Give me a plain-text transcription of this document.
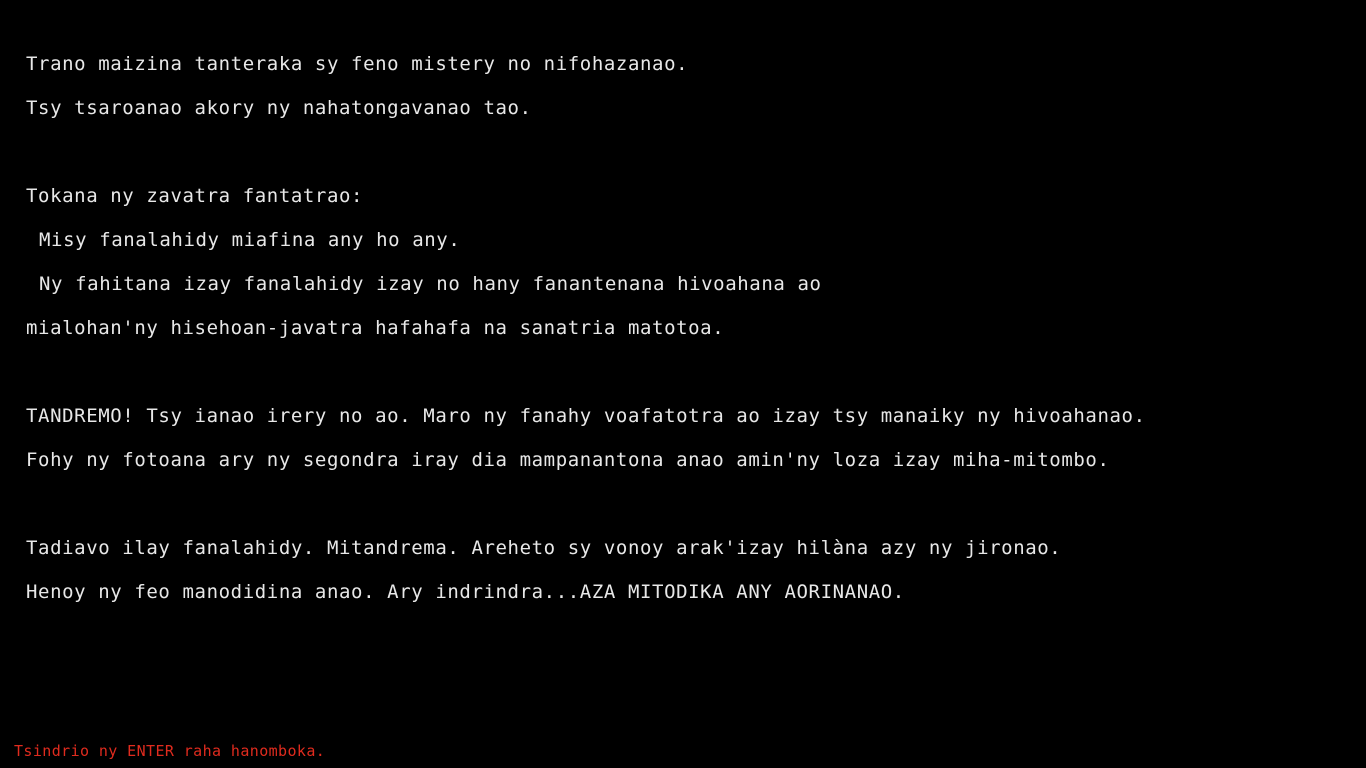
Trano maizina tanteraka sy feno mistery no nifohazanao.
Tsy tsaroanao akory ny nahatongavanao tao.
Tokana ny zavatra fantatrao:
Misy fanalahidy miafina any ho any.
Ny fahitana izay fanalahidy izay no hany fanantenana hivoahana ao
mialohan'ny hisehoan-javatra hafahafa na sanatria matotoa.
TANDREMO! Tsy ianao irery no ao. Maro ny fanahy voafatotra ao izay tsy manaiky ny hivoahanao.
Fohy ny fotoana ary ny segondra iray dia mampanantona anao amin'ny loza izay miha-mitombo.
Tadiavo ilay fanalahidy. Mitandrema. Areheto sy vonoy arak'izay hilàna azy ny jironao.
Henoy ny feo manodidina anao. Ary indrindra...AZA MITODIKA ANY AORINANAO.
Tsindrio ny ENTER raha hanomboka.
